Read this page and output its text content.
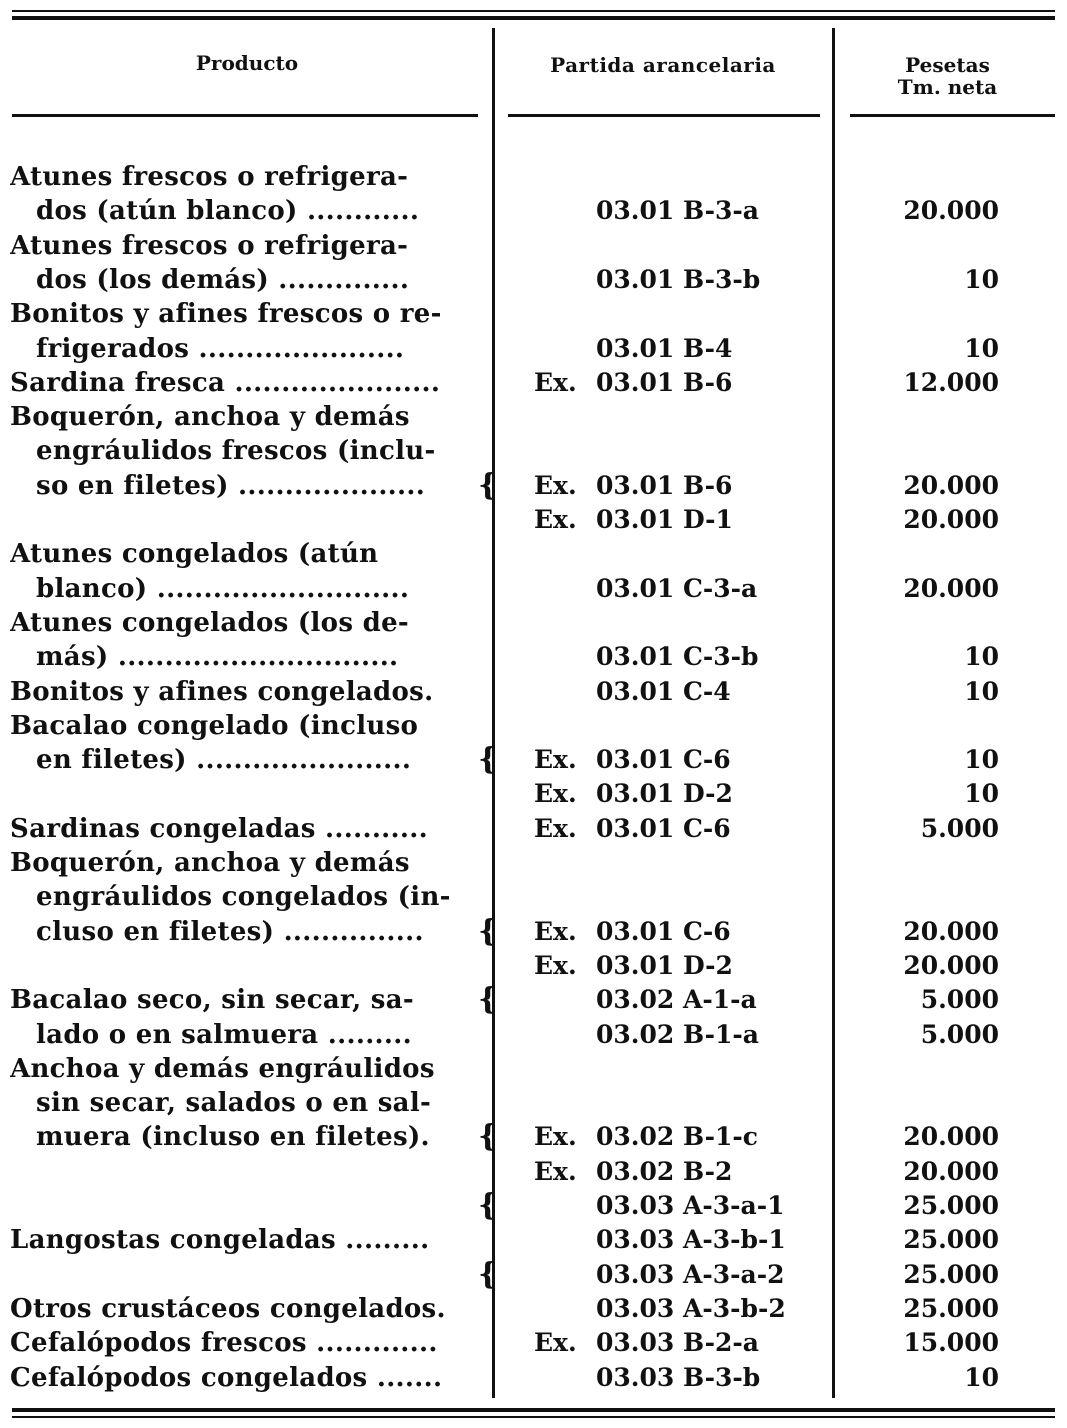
Producto	Partida arancelaria	Pesetas
Tm. neta
Atunes frescos o refrigera-
dos (atún blanco) ............	03.01 B-3-a	20.000
Atunes frescos o refrigera-
dos (los demás) ..............	03.01 B-3-b	10
Bonitos y afines frescos o re-
frigerados ......................	03.01 B-4	10
Sardina fresca ......................	Ex. 03.01 B-6	12.000
Boquerón, anchoa y demás
engráulidos frescos (inclu-
so en filetes) ....................	{ Ex. 03.01 B-6	20.000
Ex. 03.01 D-1	20.000
Atunes congelados (atún
blanco) ...........................	03.01 C-3-a	20.000
Atunes congelados (los de-
más) ..............................	03.01 C-3-b	10
Bonitos y afines congelados.	03.01 C-4	10
Bacalao congelado (incluso
en filetes) .......................	{ Ex. 03.01 C-6	10
Ex. 03.01 D-2	10
Sardinas congeladas ...........	Ex. 03.01 C-6	5.000
Boquerón, anchoa y demás
engráulidos congelados (in-
cluso en filetes) ...............	{ Ex. 03.01 C-6	20.000
Ex. 03.01 D-2	20.000
Bacalao seco, sin secar, sa-	{	03.02 A-1-a	5.000
lado o en salmuera .........	03.02 B-1-a	5.000
Anchoa y demás engráulidos
sin secar, salados o en sal-
muera (incluso en filetes).	{ Ex. 03.02 B-1-c	20.000
Ex. 03.02 B-2	20.000
{	03.03 A-3-a-1	25.000
Langostas congeladas .........	03.03 A-3-b-1	25.000
{	03.03 A-3-a-2	25.000
Otros crustáceos congelados.	03.03 A-3-b-2	25.000
Cefalópodos frescos .............	Ex. 03.03 B-2-a	15.000
Cefalópodos congelados .......	03.03 B-3-b	10
